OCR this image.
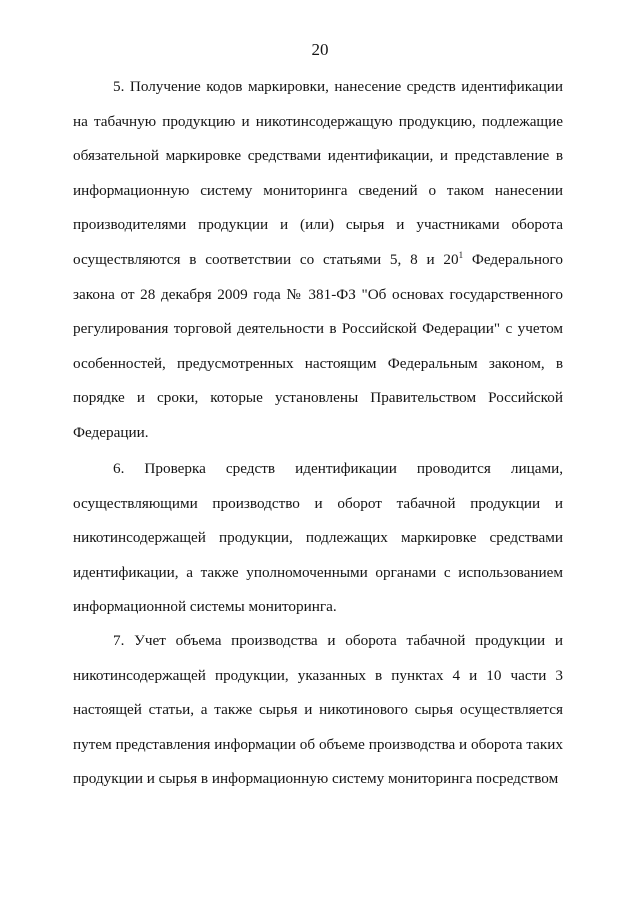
20

5. Получение кодов маркировки, нанесение средств идентификации на табачную продукцию и никотинсодержащую продукцию, подлежащие обязательной маркировке средствами идентификации, и представление в информационную систему мониторинга сведений о таком нанесении производителями продукции и (или) сырья и участниками оборота осуществляются в соответствии со статьями 5, 8 и $20^1$ Федерального закона от 28 декабря 2009 года № 381-ФЗ "Об основах государственного регулирования торговой деятельности в Российской Федерации" с учетом особенностей, предусмотренных настоящим Федеральным законом, в порядке и сроки, которые установлены Правительством Российской Федерации.

6. Проверка средств идентификации проводится лицами, осуществляющими производство и оборот табачной продукции и никотинсодержащей продукции, подлежащих маркировке средствами идентификации, а также уполномоченными органами с использованием информационной системы мониторинга.

7. Учет объема производства и оборота табачной продукции и никотинсодержащей продукции, указанных в пунктах 4 и 10 части 3 настоящей статьи, а также сырья и никотинового сырья осуществляется путем представления информации об объеме производства и оборота таких продукции и сырья в информационную систему мониторинга посредством
